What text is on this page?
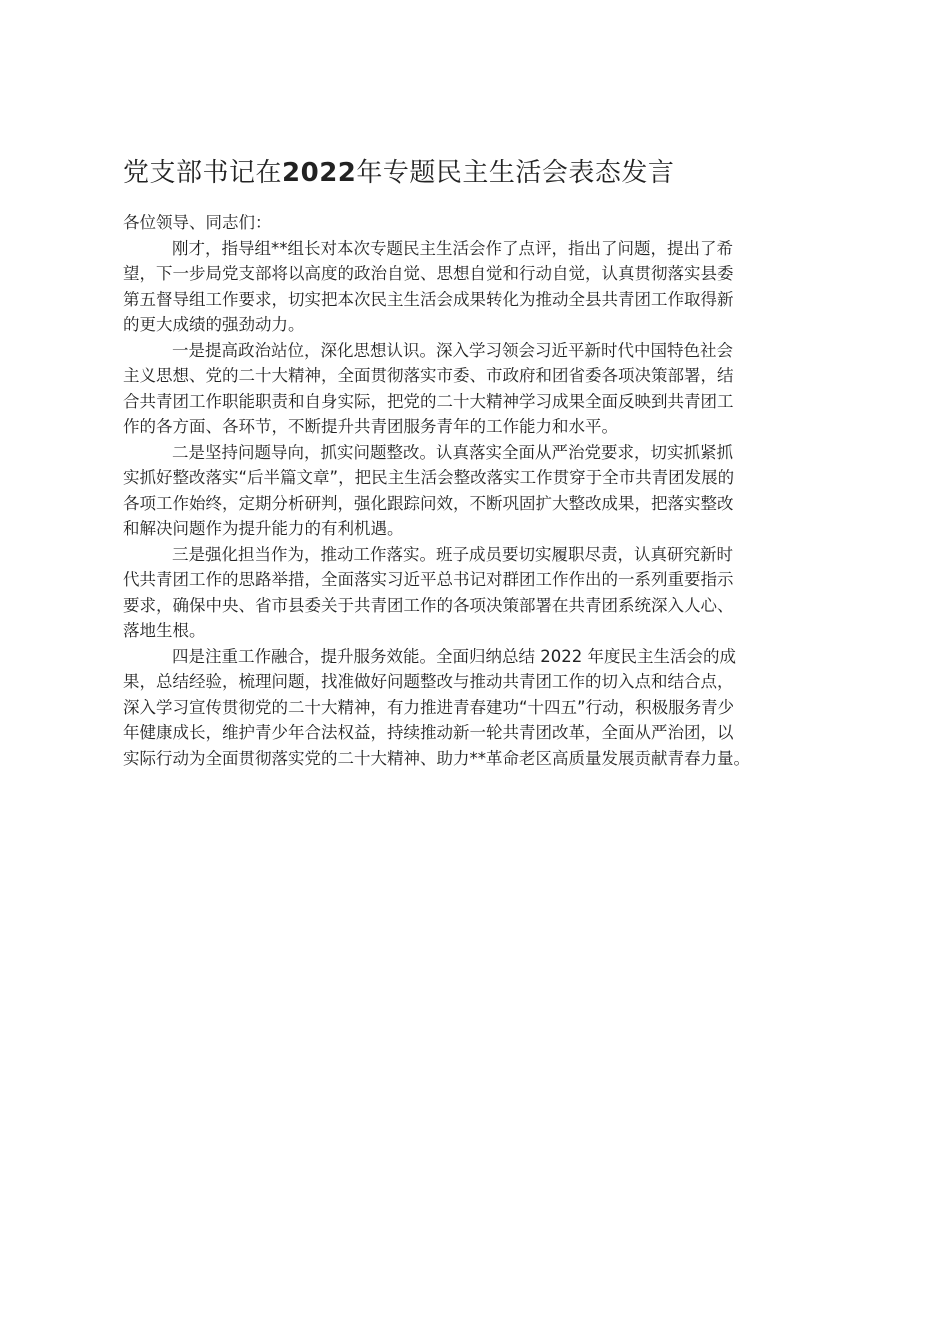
党支部书记在2022年专题民主生活会表态发言

各位领导、同志们：

刚才，指导组**组长对本次专题民主生活会作了点评，指出了问题，提出了希
望，下一步局党支部将以高度的政治自觉、思想自觉和行动自觉，认真贯彻落实县委
第五督导组工作要求，切实把本次民主生活会成果转化为推动全县共青团工作取得新
的更大成绩的强劲动力。

一是提高政治站位，深化思想认识。深入学习领会习近平新时代中国特色社会
主义思想、党的二十大精神，全面贯彻落实市委、市政府和团省委各项决策部署，结
合共青团工作职能职责和自身实际，把党的二十大精神学习成果全面反映到共青团工
作的各方面、各环节，不断提升共青团服务青年的工作能力和水平。

二是坚持问题导向，抓实问题整改。认真落实全面从严治党要求，切实抓紧抓
实抓好整改落实“后半篇文章”，把民主生活会整改落实工作贯穿于全市共青团发展的
各项工作始终，定期分析研判，强化跟踪问效，不断巩固扩大整改成果，把落实整改
和解决问题作为提升能力的有利机遇。

三是强化担当作为，推动工作落实。班子成员要切实履职尽责，认真研究新时
代共青团工作的思路举措，全面落实习近平总书记对群团工作作出的一系列重要指示
要求，确保中央、省市县委关于共青团工作的各项决策部署在共青团系统深入人心、
落地生根。

四是注重工作融合，提升服务效能。全面归纳总结 2022 年度民主生活会的成
果，总结经验，梳理问题，找准做好问题整改与推动共青团工作的切入点和结合点，
深入学习宣传贯彻党的二十大精神，有力推进青春建功“十四五”行动，积极服务青少
年健康成长，维护青少年合法权益，持续推动新一轮共青团改革，全面从严治团，以
实际行动为全面贯彻落实党的二十大精神、助力**革命老区高质量发展贡献青春力量。
